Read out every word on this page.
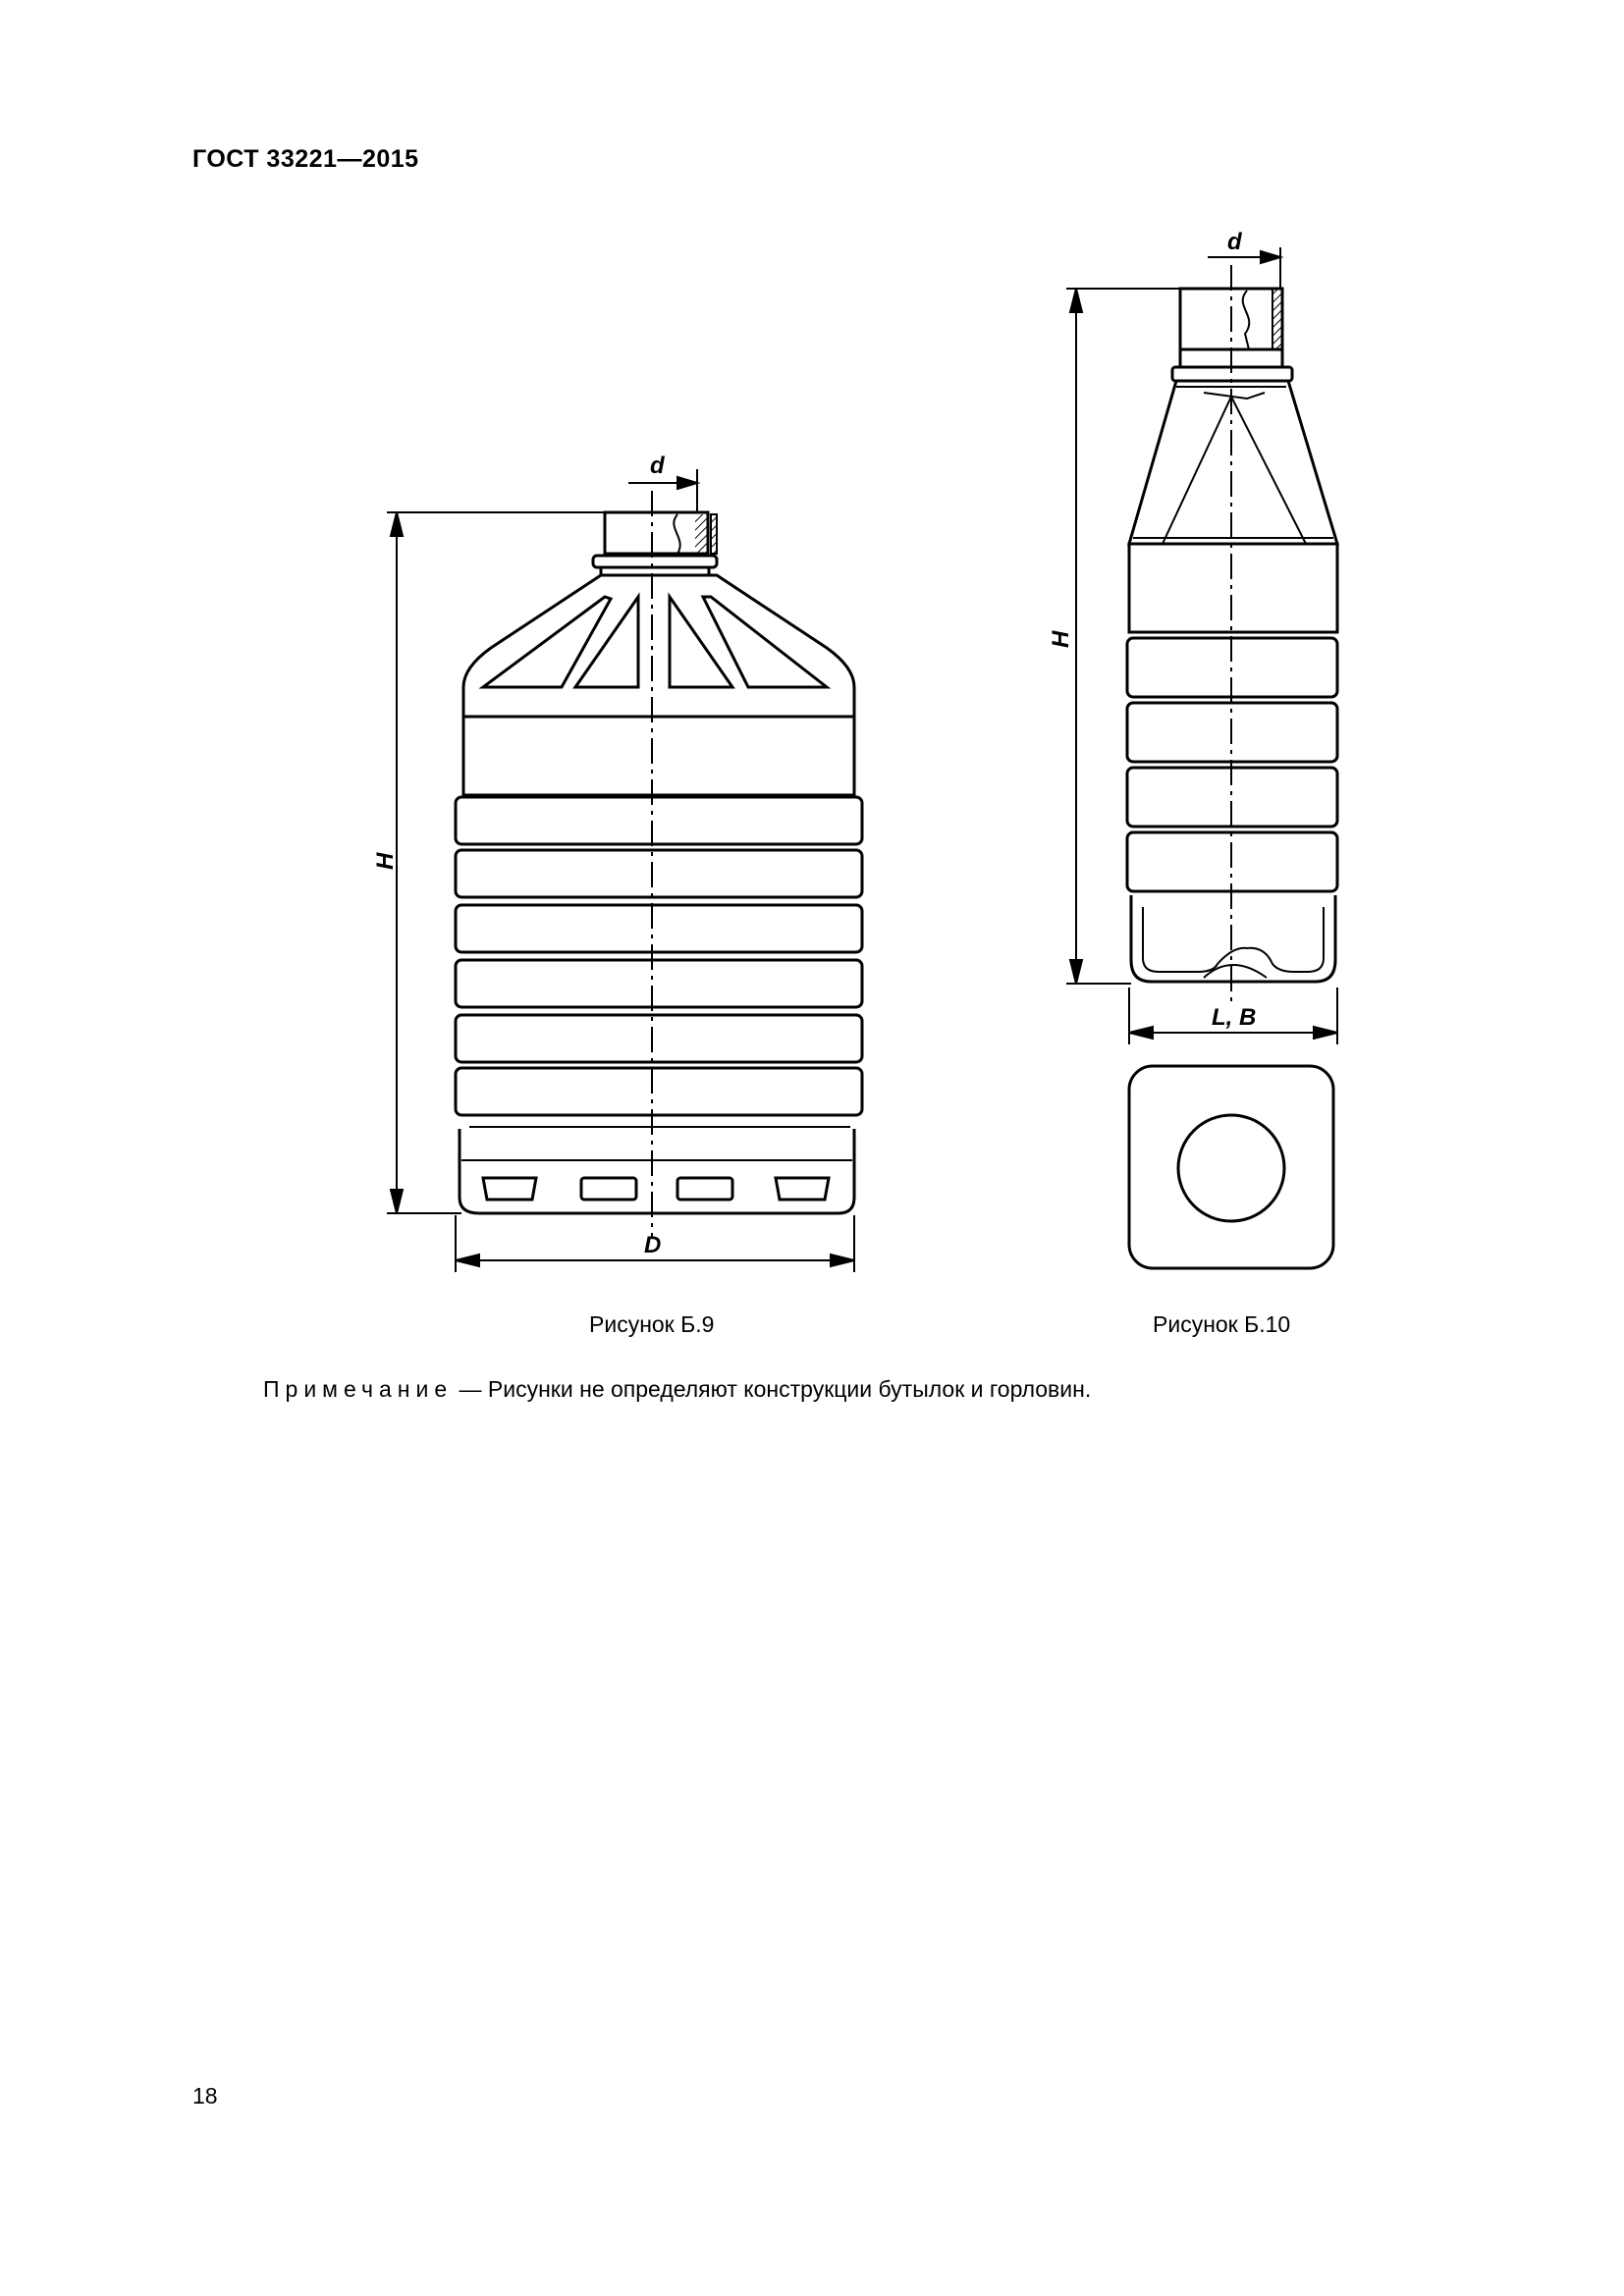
ГОСТ 33221—2015
d
H
D
d
H
L, B
Рисунок Б.9	Рисунок Б.10
Примечание — Рисунки не определяют конструкции бутылок и горловин.
18
